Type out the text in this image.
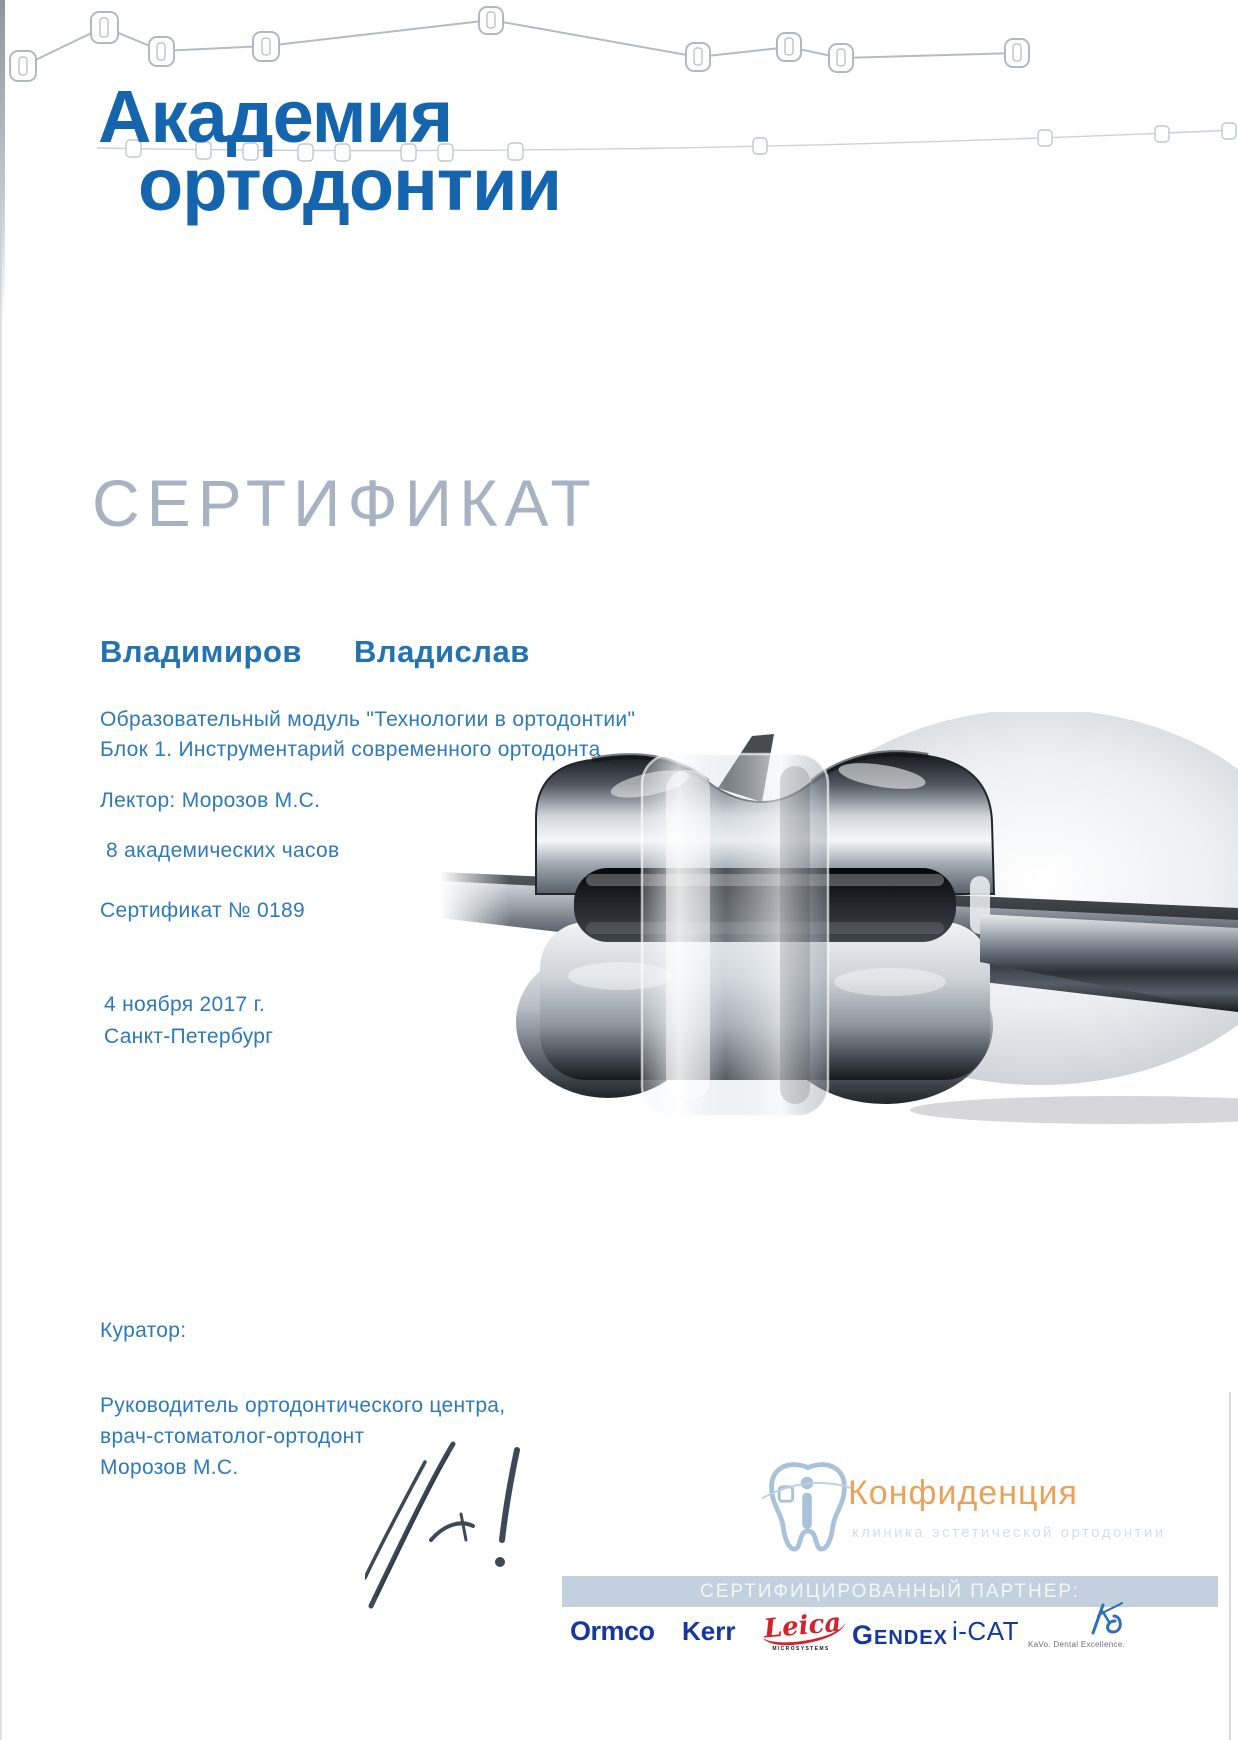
Академия
ортодонтии
СЕРТИФИКАТ
Владимиров Владислав
Образовательный модуль "Технологии в ортодонтии"
Блок 1. Инструментарий современного ортодонта
Лектор: Морозов М.С.
8 академических часов
Сертификат № 0189
4 ноября 2017 г.
Санкт-Петербург
Куратор:
Руководитель ортодонтического центра,
врач-стоматолог-ортодонт
Морозов М.С.
Конфиденция
клиника эстетической ортодонтии
СЕРТИФИЦИРОВАННЫЙ ПАРТНЕР:
Ormco Kerr Leica
MICROSYSTEMS	GENDEX i-CAT KaVo. Dental Excellence.
